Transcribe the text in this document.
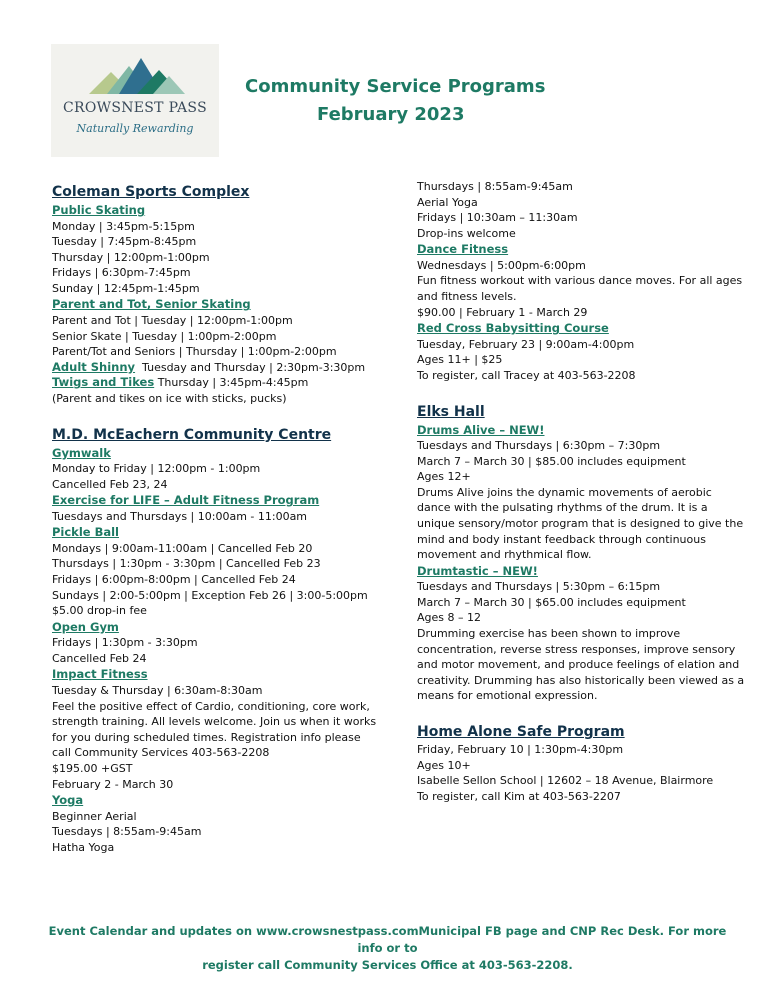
CROWSNEST PASS
Naturally Rewarding
Community Service Programs
February 2023
Coleman Sports Complex
Public Skating
Monday | 3:45pm-5:15pm
Tuesday | 7:45pm-8:45pm
Thursday | 12:00pm-1:00pm
Fridays | 6:30pm-7:45pm
Sunday | 12:45pm-1:45pm
Parent and Tot, Senior Skating
Parent and Tot | Tuesday | 12:00pm-1:00pm
Senior Skate | Tuesday | 1:00pm-2:00pm
Parent/Tot and Seniors | Thursday | 1:00pm-2:00pm
Adult Shinny Tuesday and Thursday | 2:30pm-3:30pm
Twigs and Tikes Thursday | 3:45pm-4:45pm
(Parent and tikes on ice with sticks, pucks)
M.D. McEachern Community Centre
Gymwalk
Monday to Friday | 12:00pm - 1:00pm
Cancelled Feb 23, 24
Exercise for LIFE – Adult Fitness Program
Tuesdays and Thursdays | 10:00am - 11:00am
Pickle Ball
Mondays | 9:00am-11:00am | Cancelled Feb 20
Thursdays | 1:30pm - 3:30pm | Cancelled Feb 23
Fridays | 6:00pm-8:00pm | Cancelled Feb 24
Sundays | 2:00-5:00pm | Exception Feb 26 | 3:00-5:00pm
$5.00 drop-in fee
Open Gym
Fridays | 1:30pm - 3:30pm
Cancelled Feb 24
Impact Fitness
Tuesday & Thursday | 6:30am-8:30am
Feel the positive effect of Cardio, conditioning, core work,
strength training. All levels welcome. Join us when it works
for you during scheduled times. Registration info please
call Community Services 403-563-2208
$195.00 +GST
February 2 - March 30
Yoga
Beginner Aerial
Tuesdays | 8:55am-9:45am
Hatha Yoga
Thursdays | 8:55am-9:45am
Aerial Yoga
Fridays | 10:30am – 11:30am
Drop-ins welcome
Dance Fitness
Wednesdays | 5:00pm-6:00pm
Fun fitness workout with various dance moves. For all ages
and fitness levels.
$90.00 | February 1 - March 29
Red Cross Babysitting Course
Tuesday, February 23 | 9:00am-4:00pm
Ages 11+ | $25
To register, call Tracey at 403-563-2208
Elks Hall
Drums Alive – NEW!
Tuesdays and Thursdays | 6:30pm – 7:30pm
March 7 – March 30 | $85.00 includes equipment
Ages 12+
Drums Alive joins the dynamic movements of aerobic
dance with the pulsating rhythms of the drum. It is a
unique sensory/motor program that is designed to give the
mind and body instant feedback through continuous
movement and rhythmical flow.
Drumtastic – NEW!
Tuesdays and Thursdays | 5:30pm – 6:15pm
March 7 – March 30 | $65.00 includes equipment
Ages 8 – 12
Drumming exercise has been shown to improve
concentration, reverse stress responses, improve sensory
and motor movement, and produce feelings of elation and
creativity. Drumming has also historically been viewed as a
means for emotional expression.
Home Alone Safe Program
Friday, February 10 | 1:30pm-4:30pm
Ages 10+
Isabelle Sellon School | 12602 – 18 Avenue, Blairmore
To register, call Kim at 403-563-2207
Event Calendar and updates on www.crowsnestpass.comMunicipal FB page and CNP Rec Desk. For more info or to
register call Community Services Office at 403-563-2208.
